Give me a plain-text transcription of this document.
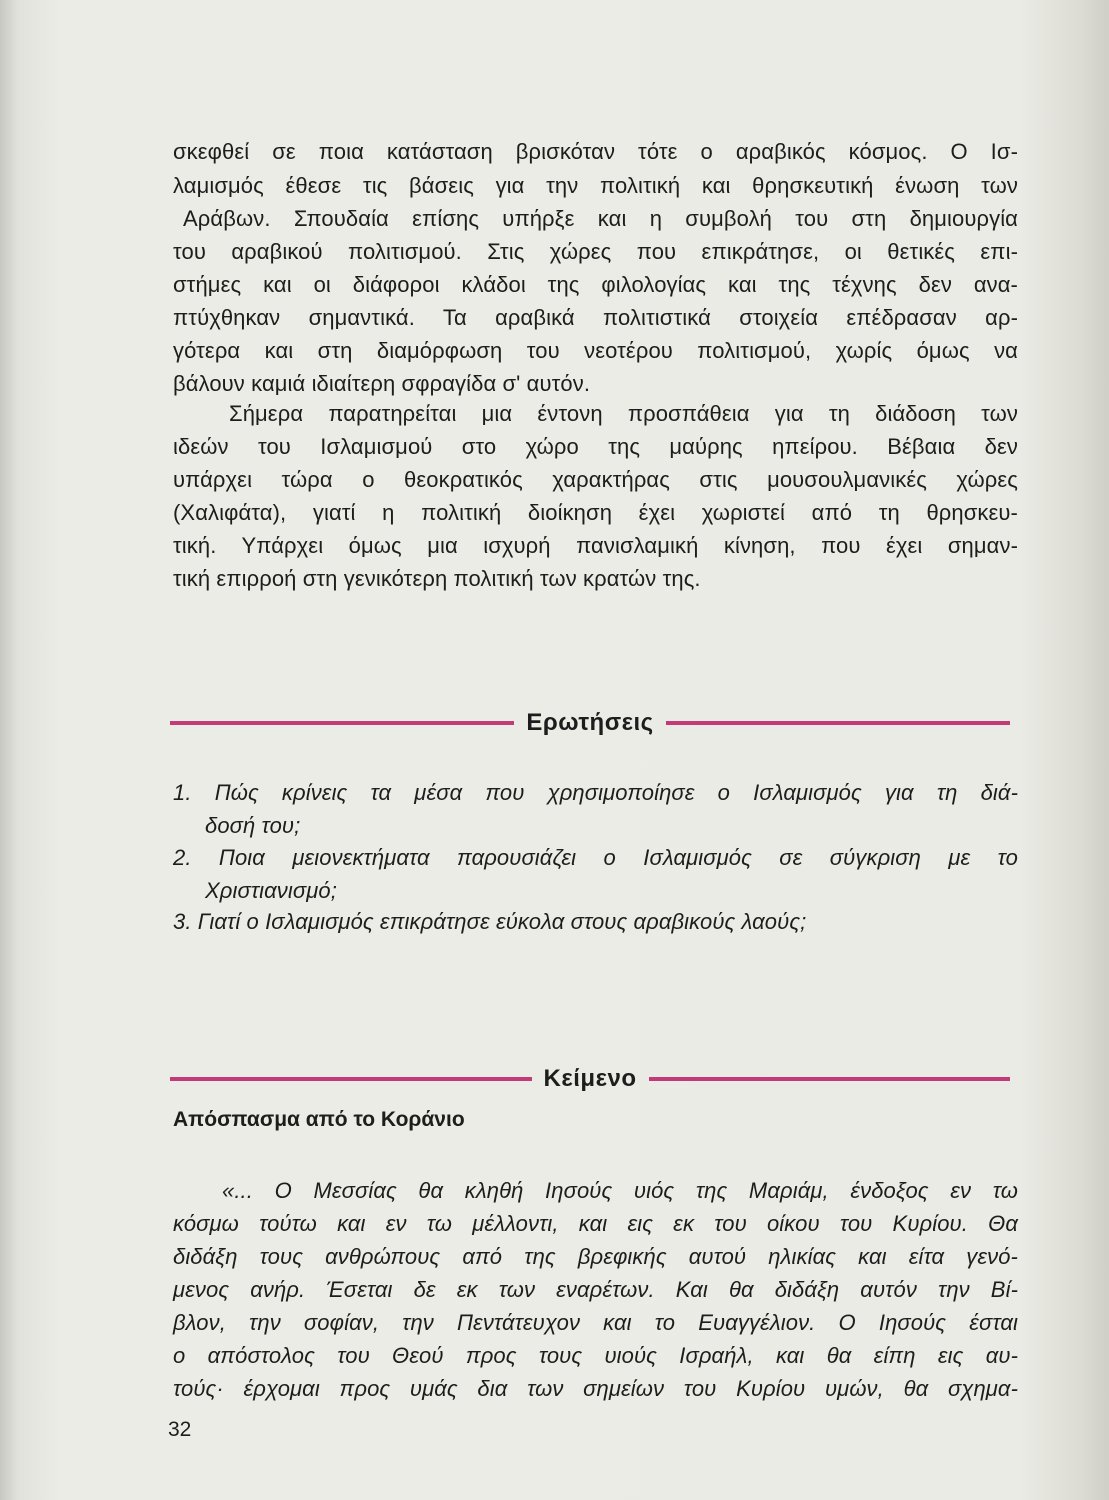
σκεφθεί σε ποια κατάσταση βρισκόταν τότε ο αραβικός κόσμος. Ο Ισ-
λαμισμός έθεσε τις βάσεις για την πολιτική και θρησκευτική ένωση των
Αράβων. Σπουδαία επίσης υπήρξε και η συμβολή του στη δημιουργία
του αραβικού πολιτισμού. Στις χώρες που επικράτησε, οι θετικές επι-
στήμες και οι διάφοροι κλάδοι της φιλολογίας και της τέχνης δεν ανα-
πτύχθηκαν σημαντικά. Τα αραβικά πολιτιστικά στοιχεία επέδρασαν αρ-
γότερα και στη διαμόρφωση του νεοτέρου πολιτισμού, χωρίς όμως να
βάλουν καμιά ιδιαίτερη σφραγίδα σ' αυτόν.
Σήμερα παρατηρείται μια έντονη προσπάθεια για τη διάδοση των
ιδεών του Ισλαμισμού στο χώρο της μαύρης ηπείρου. Βέβαια δεν
υπάρχει τώρα ο θεοκρατικός χαρακτήρας στις μουσουλμανικές χώρες
(Χαλιφάτα), γιατί η πολιτική διοίκηση έχει χωριστεί από τη θρησκευ-
τική. Υπάρχει όμως μια ισχυρή πανισλαμική κίνηση, που έχει σημαν-
τική επιρροή στη γενικότερη πολιτική των κρατών της.
Ερωτήσεις
1. Πώς κρίνεις τα μέσα που χρησιμοποίησε ο Ισλαμισμός για τη διά-
δοσή του;
2. Ποια μειονεκτήματα παρουσιάζει ο Ισλαμισμός σε σύγκριση με το
Χριστιανισμό;
3. Γιατί ο Ισλαμισμός επικράτησε εύκολα στους αραβικούς λαούς;
Κείμενο
Απόσπασμα από το Κοράνιο
«... Ο Μεσσίας θα κληθή Ιησούς υιός της Μαριάμ, ένδοξος εν τω
κόσμω τούτω και εν τω μέλλοντι, και εις εκ του οίκου του Κυρίου. Θα
διδάξη τους ανθρώπους από της βρεφικής αυτού ηλικίας και είτα γενό-
μενος ανήρ. Έσεται δε εκ των εναρέτων. Και θα διδάξη αυτόν την Βί-
βλον, την σοφίαν, την Πεντάτευχον και το Ευαγγέλιον. Ο Ιησούς έσται
ο απόστολος του Θεού προς τους υιούς Ισραήλ, και θα είπη εις αυ-
τούς· έρχομαι προς υμάς δια των σημείων του Κυρίου υμών, θα σχημα-
32
